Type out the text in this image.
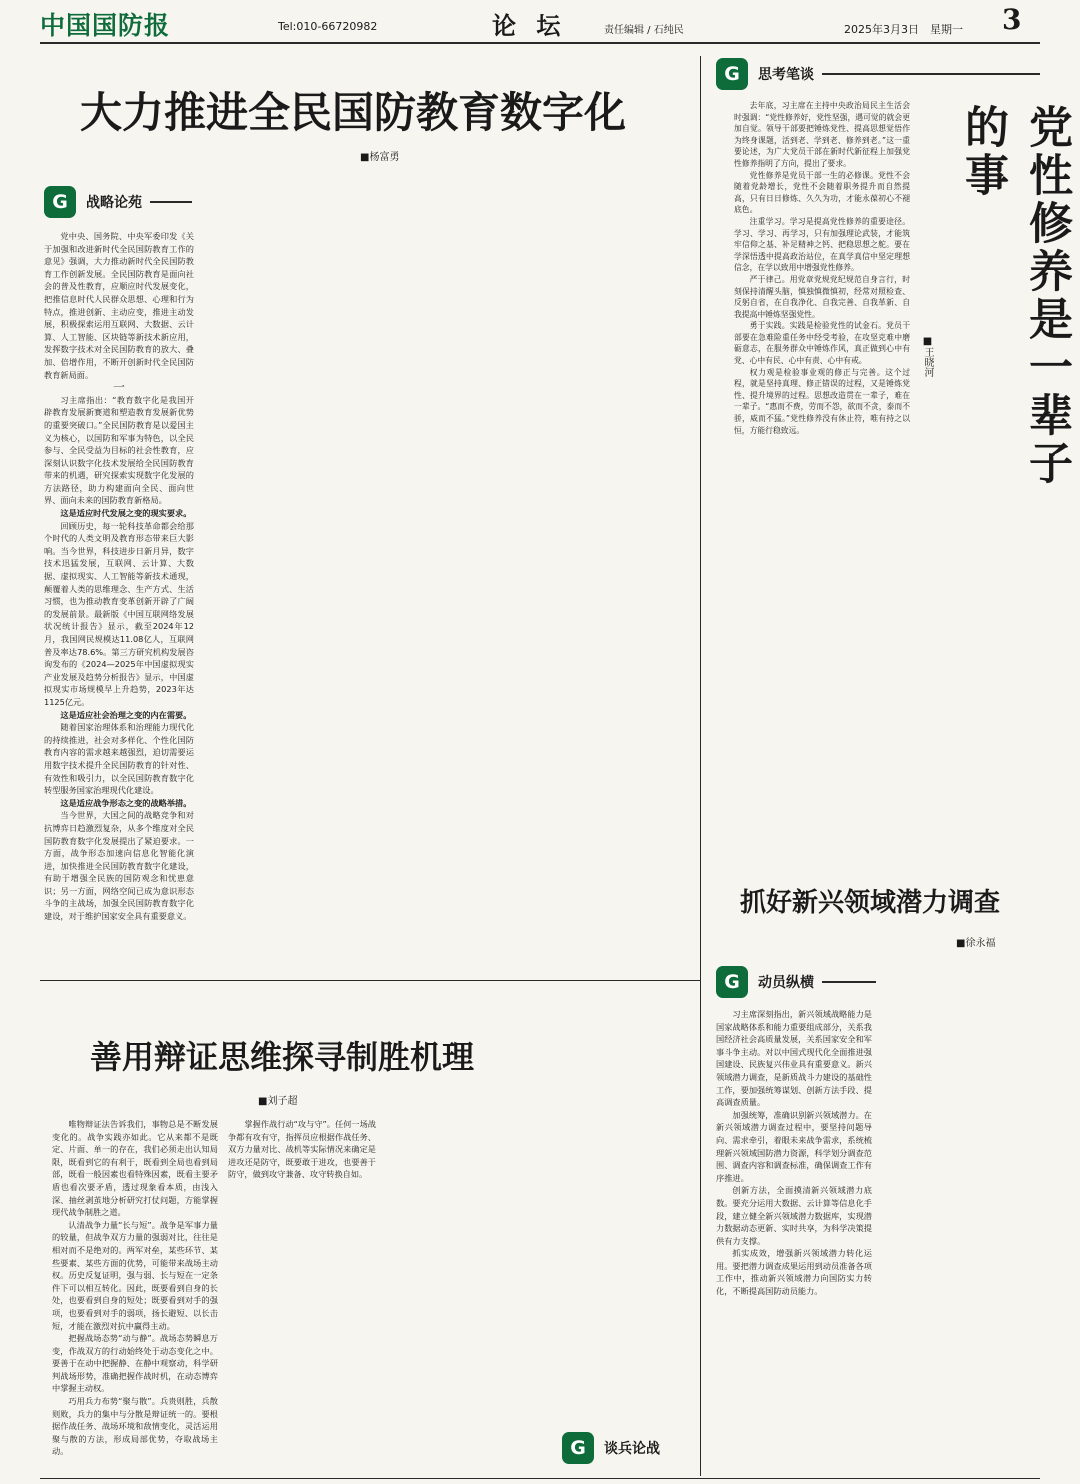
中国国防报	Tel:010-66720982	论 坛	责任编辑 / 石纯民	2025年3月3日　星期一 3
大力推进全民国防教育数字化
■杨富勇
G	战略论苑

党中央、国务院、中央军委印发《关于加强和改进新时代全民国防教育工作的意见》强调，大力推动新时代全民国防教育工作创新发展。全民国防教育是面向社会的普及性教育，应顺应时代发展变化，把推信息时代人民群众思想、心理和行为特点，推进创新、主动应变，推进主动发展，积极探索运用互联网、大数据、云计算、人工智能、区块链等新技术新应用，发挥数字技术对全民国防教育的放大、叠加、倍增作用，不断开创新时代全民国防教育新局面。

一

习主席指出：“教育数字化是我国开辟教育发展新赛道和塑造教育发展新优势的重要突破口。”全民国防教育是以爱国主义为核心，以国防和军事为特色，以全民参与、全民受益为目标的社会性教育，应深刻认识数字化技术发展给全民国防教育带来的机遇，研究探索实现数字化发展的方法路径，助力构建面向全民、面向世界、面向未来的国防教育新格局。

这是适应时代发展之变的现实要求。

回顾历史，每一轮科技革命都会给那个时代的人类文明及教育形态带来巨大影响。当今世界，科技进步日新月异，数字技术迅猛发展，互联网、云计算、大数据、虚拟现实、人工智能等新技术通现，颠覆着人类的思维理念、生产方式、生活习惯，也为推动教育变革创新开辟了广阔的发展前景。最新版《中国互联网络发展状况统计报告》显示，截至2024年12月，我国网民规模达11.08亿人，互联网普及率达78.6%。第三方研究机构发展咨询发布的《2024—2025年中国虚拟现实产业发展及趋势分析报告》显示，中国虚拟现实市场规模早上升趋势，2023年达1125亿元。

这是适应社会治理之变的内在需要。

随着国家治理体系和治理能力现代化的持续推进，社会对多样化、个性化国防教育内容的需求越来越强烈，迫切需要运用数字技术提升全民国防教育的针对性、有效性和吸引力，以全民国防教育数字化转型服务国家治理现代化建设。

这是适应战争形态之变的战略举措。

当今世界，大国之间的战略竞争和对抗博弈日趋激烈复杂，从多个维度对全民国防教育数字化发展提出了紧迫要求。一方面，战争形态加速向信息化智能化演进，加快推进全民国防教育数字化建设，有助于增强全民族的国防观念和忧患意识；另一方面，网络空间已成为意识形态斗争的主战场，加强全民国防教育数字化建设，对于维护国家安全具有重要意义。

G	思考笔谈
党性修养是一辈子的事
■王晓河

去年底，习主席在主持中央政治局民主生活会时强调：“党性修养好，党性坚强，遇可觉的就会更加自觉。领导干部要把锤炼党性、提高思想觉悟作为终身课题，活到老、学到老、修养到老。”这一重要论述，为广大党员干部在新时代新征程上加强党性修养指明了方向，提出了要求。

党性修养是党员干部一生的必修课。党性不会随着党龄增长，党性不会随着职务提升而自然提高，只有日日修炼、久久为功，才能永葆初心不褪底色。

注重学习。学习是提高党性修养的重要途径。学习、学习、再学习，只有加强理论武装，才能筑牢信仰之基、补足精神之钙、把稳思想之舵。要在学深悟透中提高政治站位，在真学真信中坚定理想信念，在学以致用中增强党性修养。

严于律己。用党章党规党纪规范自身言行，时刻保持清醒头脑，慎独慎微慎初，经常对照检查、反躬自省，在自我净化、自我完善、自我革新、自我提高中锤炼坚强党性。

勇于实践。实践是检验党性的试金石。党员干部要在急难险重任务中经受考验，在攻坚克难中磨砺意志，在服务群众中锤炼作风，真正做到心中有党、心中有民、心中有责、心中有戒。

权力观是检验事业观的修正与完善。这个过程，就是坚持真理、修正错误的过程，又是锤炼党性、提升境界的过程。思想改造贯在一辈子，难在一辈子。“惠而不费，劳而不怨，欲而不贪，泰而不骄，威而不猛。”党性修养没有休止符，唯有持之以恒，方能行稳致远。

抓好新兴领域潜力调查
■徐永福
善用辩证思维探寻制胜机理
■刘子超

唯物辩证法告诉我们，事物总是不断发展变化的。战争实践亦如此。它从来都不是既定、片面、单一的存在，我们必须走出认知局限，既看到它的有利于，既看到全局也看到局部，既看一般因素也看特殊因素，既看主要矛盾也看次要矛盾，透过现象看本质，由浅入深、抽丝剥茧地分析研究打仗问题，方能掌握现代战争制胜之道。

认清战争力量“长与短”。战争是军事力量的较量，但战争双方力量的强弱对比，往往是相对而不是绝对的。两军对垒，某些环节、某些要素、某些方面的优势，可能带来战场主动权。历史反复证明，强与弱、长与短在一定条件下可以相互转化。因此，既要看到自身的长处，也要看到自身的短处；既要看到对手的强项，也要看到对手的弱项，扬长避短、以长击短，才能在激烈对抗中赢得主动。

把握战场态势“动与静”。战场态势瞬息万变，作战双方的行动始终处于动态变化之中。要善于在动中把握静、在静中观察动，科学研判战场形势，准确把握作战时机，在动态博弈中掌握主动权。

巧用兵力布势“聚与散”。兵贵则胜，兵散则败，兵力的集中与分散是辩证统一的。要根据作战任务、战场环境和敌情变化，灵活运用聚与散的方法，形成局部优势，夺取战场主动。

掌握作战行动“攻与守”。任何一场战争都有攻有守，指挥员应根据作战任务、双方力量对比、战机等实际情况来确定是进攻还是防守，既要敢于进攻，也要善于防守，做到攻守兼备、攻守转换自如。

G	谈兵论战
G	动员纵横

习主席深刻指出，新兴领域战略能力是国家战略体系和能力重要组成部分，关系我国经济社会高质量发展，关系国家安全和军事斗争主动。对以中国式现代化全面推进强国建设、民族复兴伟业具有重要意义。新兴领域潜力调查，是新质战斗力建设的基础性工作，要加强统筹谋划、创新方法手段、提高调查质量。

加强统筹，准确识别新兴领域潜力。在新兴领域潜力调查过程中，要坚持问题导向、需求牵引，着眼未来战争需求，系统梳理新兴领域国防潜力资源，科学划分调查范围、调查内容和调查标准，确保调查工作有序推进。

创新方法，全面摸清新兴领域潜力底数。要充分运用大数据、云计算等信息化手段，建立健全新兴领域潜力数据库，实现潜力数据动态更新、实时共享，为科学决策提供有力支撑。

抓实成效，增强新兴领域潜力转化运用。要把潜力调查成果运用到动员准备各项工作中，推动新兴领域潜力向国防实力转化，不断提高国防动员能力。
